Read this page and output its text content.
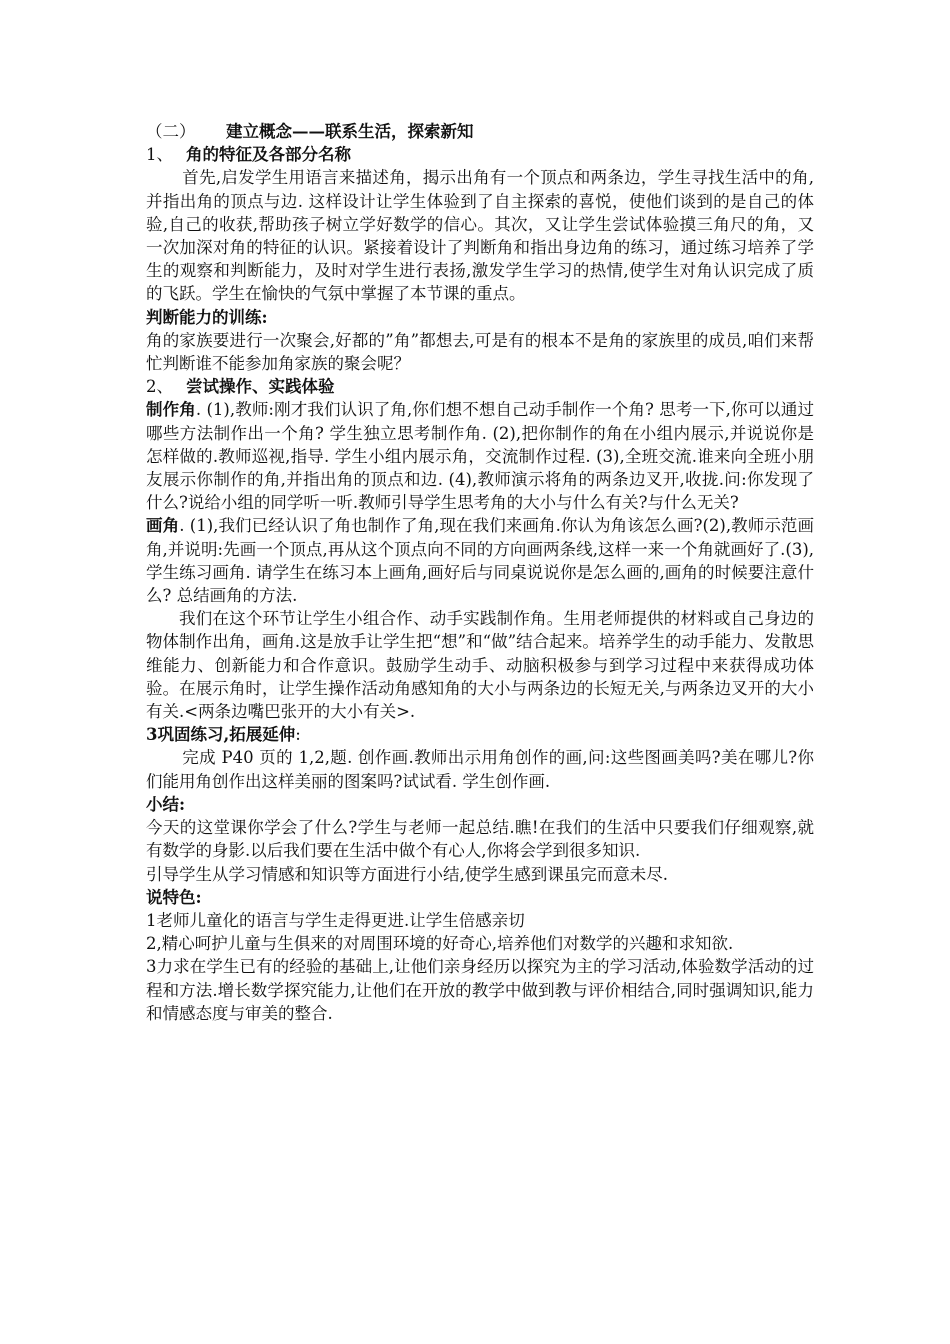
（二） 建立概念——联系生活，探索新知

1、 角的特征及各部分名称

首先,启发学生用语言来描述角，揭示出角有一个顶点和两条边，学生寻找生活中的角,并指出角的顶点与边. 这样设计让学生体验到了自主探索的喜悦，使他们谈到的是自己的体验,自己的收获,帮助孩子树立学好数学的信心。其次，又让学生尝试体验摸三角尺的角，又一次加深对角的特征的认识。紧接着设计了判断角和指出身边角的练习，通过练习培养了学生的观察和判断能力，及时对学生进行表扬,激发学生学习的热情,使学生对角认识完成了质的飞跃。学生在愉快的气氛中掌握了本节课的重点。

判断能力的训练:

角的家族要进行一次聚会,好都的”角”都想去,可是有的根本不是角的家族里的成员,咱们来帮忙判断谁不能参加角家族的聚会呢？

2、 尝试操作、实践体验

制作角. (1),教师:刚才我们认识了角,你们想不想自己动手制作一个角? 思考一下,你可以通过哪些方法制作出一个角? 学生独立思考制作角. (2),把你制作的角在小组内展示,并说说你是怎样做的.教师巡视,指导. 学生小组内展示角，交流制作过程. (3),全班交流.谁来向全班小朋友展示你制作的角,并指出角的顶点和边. (4),教师演示将角的两条边叉开,收拢.问:你发现了什么?说给小组的同学听一听.教师引导学生思考角的大小与什么有关?与什么无关?

画角. (1),我们已经认识了角也制作了角,现在我们来画角.你认为角该怎么画?(2),教师示范画角,并说明:先画一个顶点,再从这个顶点向不同的方向画两条线,这样一来一个角就画好了.(3),学生练习画角. 请学生在练习本上画角,画好后与同桌说说你是怎么画的,画角的时候要注意什么? 总结画角的方法.

我们在这个环节让学生小组合作、动手实践制作角。生用老师提供的材料或自己身边的物体制作出角，画角.这是放手让学生把“想”和“做”结合起来。培养学生的动手能力、发散思维能力、创新能力和合作意识。鼓励学生动手、动脑积极参与到学习过程中来获得成功体验。在展示角时，让学生操作活动角感知角的大小与两条边的长短无关,与两条边叉开的大小有关.<两条边嘴巴张开的大小有关>.

3巩固练习,拓展延伸:

完成 P40 页的 1,2,题. 创作画.教师出示用角创作的画,问:这些图画美吗?美在哪儿?你们能用角创作出这样美丽的图案吗?试试看. 学生创作画.

小结:

今天的这堂课你学会了什么?学生与老师一起总结.瞧!在我们的生活中只要我们仔细观察,就有数学的身影.以后我们要在生活中做个有心人,你将会学到很多知识.

引导学生从学习情感和知识等方面进行小结,使学生感到课虽完而意未尽.

说特色:

1老师儿童化的语言与学生走得更进.让学生倍感亲切

2,精心呵护儿童与生俱来的对周围环境的好奇心,培养他们对数学的兴趣和求知欲.

3力求在学生已有的经验的基础上,让他们亲身经历以探究为主的学习活动,体验数学活动的过程和方法.增长数学探究能力,让他们在开放的教学中做到教与评价相结合,同时强调知识,能力和情感态度与审美的整合.
